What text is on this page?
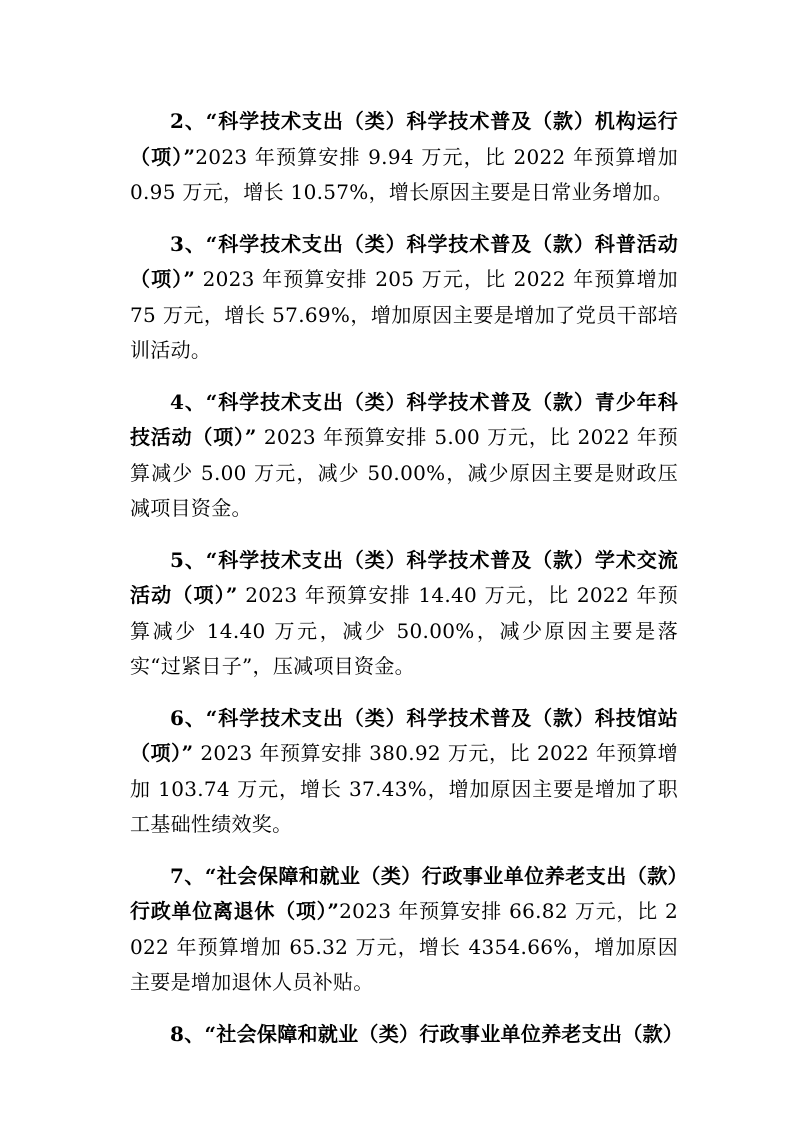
2、“科学技术支出（类）科学技术普及（款）机构运行（项）”2023 年预算安排 9.94 万元，比 2022 年预算增加 0.95 万元，增长 10.57%，增长原因主要是日常业务增加。

3、“科学技术支出（类）科学技术普及（款）科普活动（项）” 2023 年预算安排 205 万元，比 2022 年预算增加 75 万元，增长 57.69%，增加原因主要是增加了党员干部培训活动。

4、“科学技术支出（类）科学技术普及（款）青少年科技活动（项）” 2023 年预算安排 5.00 万元，比 2022 年预算减少 5.00 万元，减少 50.00%，减少原因主要是财政压减项目资金。

5、“科学技术支出（类）科学技术普及（款）学术交流活动（项）” 2023 年预算安排 14.40 万元，比 2022 年预算减少 14.40 万元，减少 50.00%，减少原因主要是落实“过紧日子”，压减项目资金。

6、“科学技术支出（类）科学技术普及（款）科技馆站（项）” 2023 年预算安排 380.92 万元，比 2022 年预算增加 103.74 万元，增长 37.43%，增加原因主要是增加了职工基础性绩效奖。

7、“社会保障和就业（类）行政事业单位养老支出（款）行政单位离退休（项）”2023 年预算安排 66.82 万元，比 2022 年预算增加 65.32 万元，增长 4354.66%，增加原因主要是增加退休人员补贴。

8、“社会保障和就业（类）行政事业单位养老支出（款）
